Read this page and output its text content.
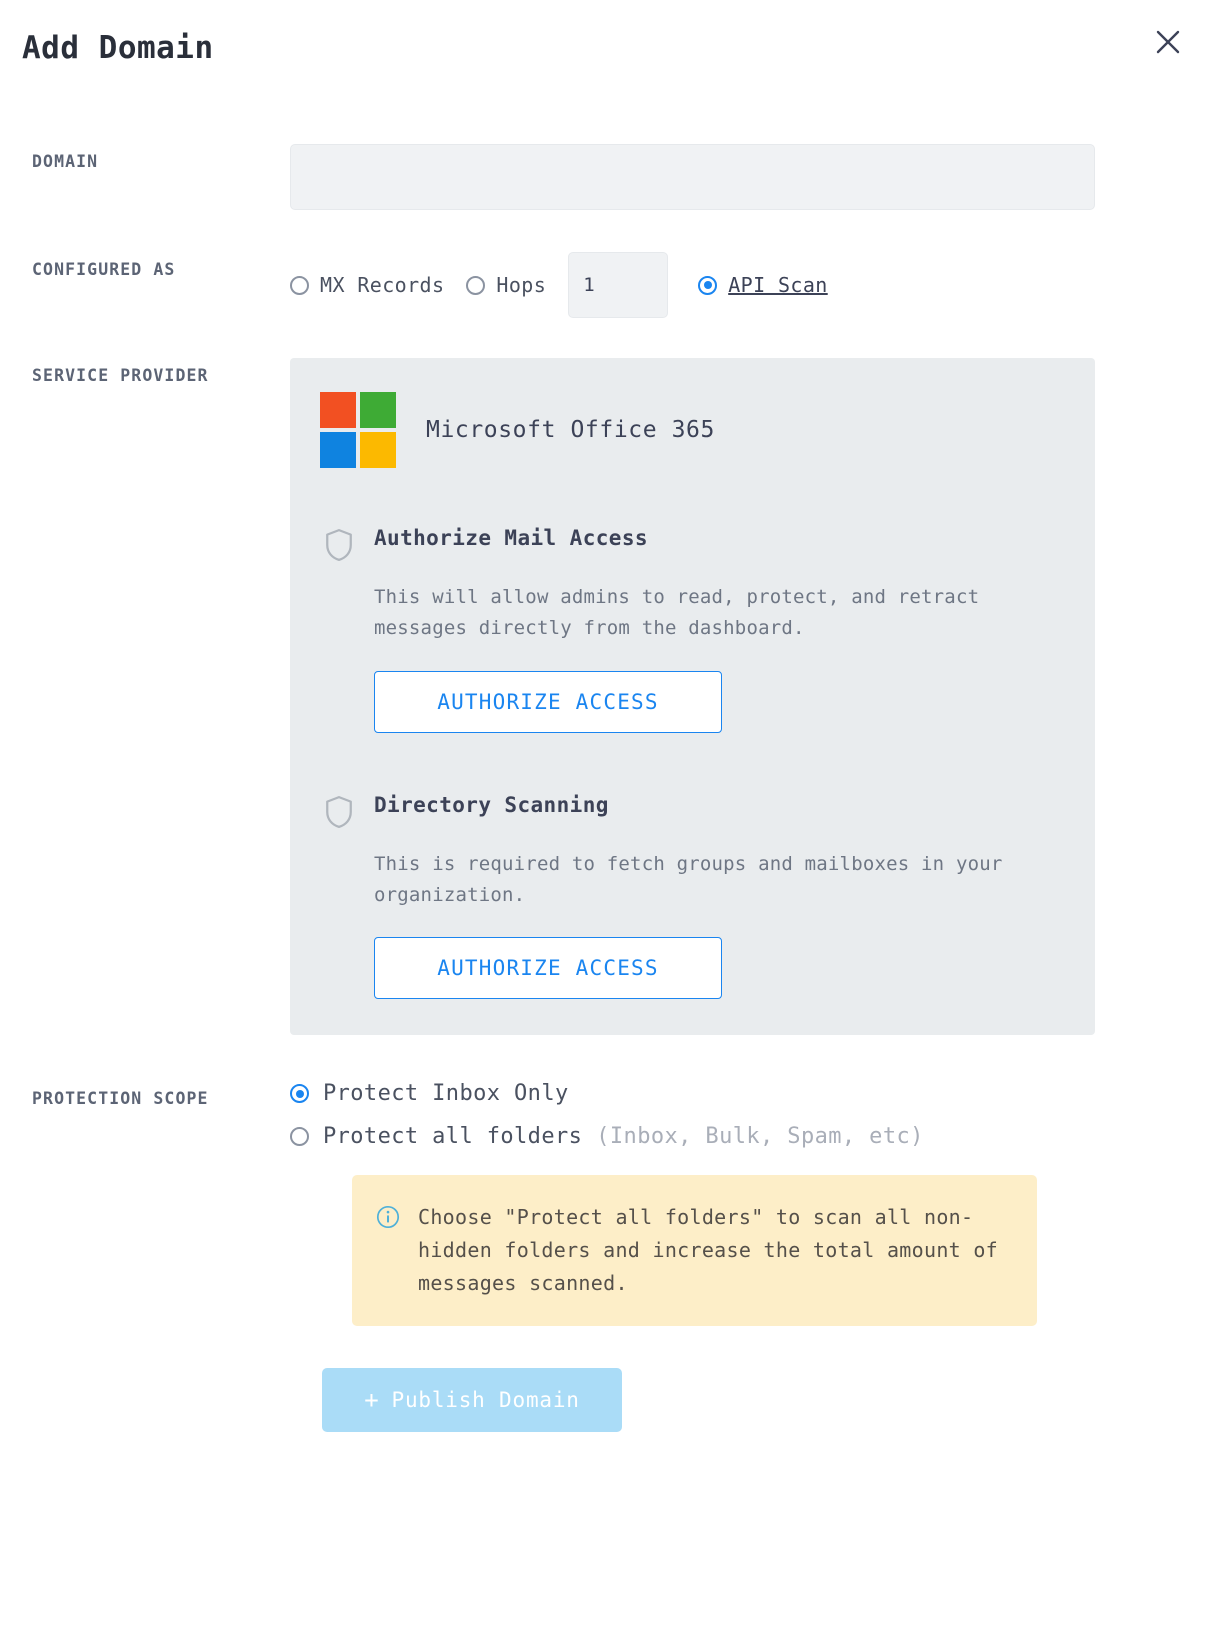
Add Domain
DOMAIN
CONFIGURED AS
MX Records	Hops
1	API Scan
SERVICE PROVIDER
Microsoft Office 365
Authorize Mail Access
This will allow admins to read, protect, and retract messages directly from the dashboard.
AUTHORIZE ACCESS
Directory Scanning
This is required to fetch groups and mailboxes in your organization.
AUTHORIZE ACCESS
PROTECTION SCOPE	Protect Inbox Only
Protect all folders (Inbox, Bulk, Spam, etc)
Choose "Protect all folders" to scan all non-hidden folders and increase the total amount of messages scanned.
+ Publish Domain
